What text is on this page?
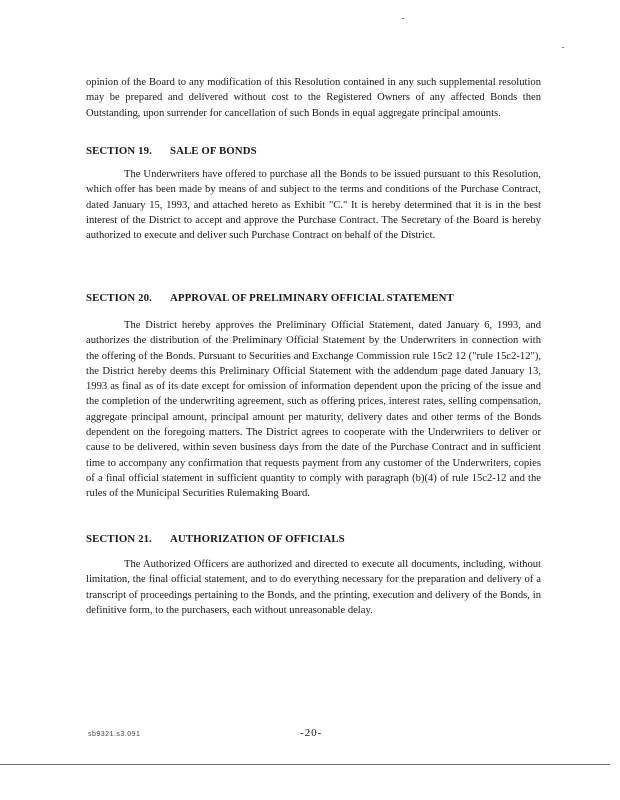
opinion of the Board to any modification of this Resolution contained in any such supplemental resolution may be prepared and delivered without cost to the Registered Owners of any affected Bonds then Outstanding, upon surrender for cancellation of such Bonds in equal aggregate principal amounts.

SECTION 19. SALE OF BONDS

The Underwriters have offered to purchase all the Bonds to be issued pursuant to this Resolution, which offer has been made by means of and subject to the terms and conditions of the Purchase Contract, dated January 15, 1993, and attached hereto as Exhibit "C." It is hereby determined that it is in the best interest of the District to accept and approve the Purchase Contract. The Secretary of the Board is hereby authorized to execute and deliver such Purchase Contract on behalf of the District.

SECTION 20. APPROVAL OF PRELIMINARY OFFICIAL STATEMENT

The District hereby approves the Preliminary Official Statement, dated January 6, 1993, and authorizes the distribution of the Preliminary Official Statement by the Underwriters in connection with the offering of the Bonds. Pursuant to Securities and Exchange Commission rule 15c2 12 ("rule 15c2-12"), the District hereby deems this Preliminary Official Statement with the addendum page dated January 13, 1993 as final as of its date except for omission of information dependent upon the pricing of the issue and the completion of the underwriting agreement, such as offering prices, interest rates, selling compensation, aggregate principal amount, principal amount per maturity, delivery dates and other terms of the Bonds dependent on the foregoing matters. The District agrees to cooperate with the Underwriters to deliver or cause to be delivered, within seven business days from the date of the Purchase Contract and in sufficient time to accompany any confirmation that requests payment from any customer of the Underwriters, copies of a final official statement in sufficient quantity to comply with paragraph (b)(4) of rule 15c2-12 and the rules of the Municipal Securities Rulemaking Board.

SECTION 21. AUTHORIZATION OF OFFICIALS

The Authorized Officers are authorized and directed to execute all documents, including, without limitation, the final official statement, and to do everything necessary for the preparation and delivery of a transcript of proceedings pertaining to the Bonds, and the printing, execution and delivery of the Bonds, in definitive form, to the purchasers, each without unreasonable delay.

sb9321.s3.091	-20-
